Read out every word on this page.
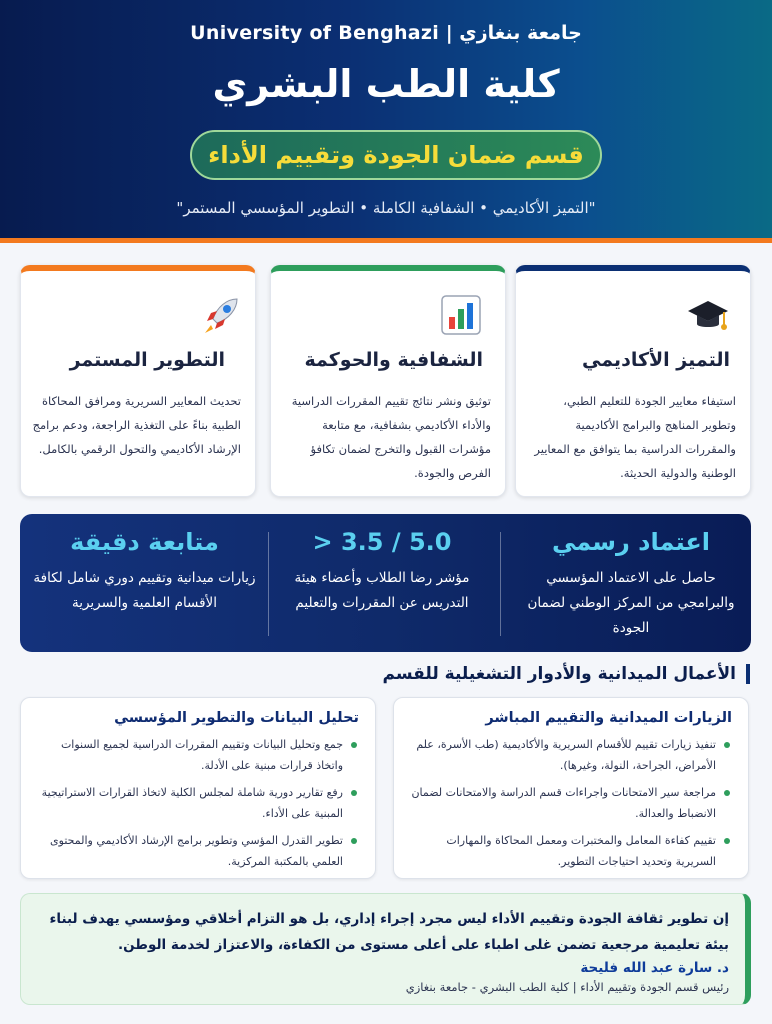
جامعة بنغازي | University of Benghazi
كلية الطب البشري
قسم ضمان الجودة وتقييم الأداء
"التميز الأكاديمي • الشفافية الكاملة • التطوير المؤسسي المستمر"
التميز الأكاديمي

استيفاء معايير الجودة للتعليم الطبي، وتطوير المناهج والبرامج الأكاديمية والمقررات الدراسية بما يتوافق مع المعايير الوطنية والدولية الحديثة.

الشفافية والحوكمة

توثيق ونشر نتائج تقييم المقررات الدراسية والأداء الأكاديمي بشفافية، مع متابعة مؤشرات القبول والتخرج لضمان تكافؤ الفرص والجودة.

التطوير المستمر

تحديث المعايير السريرية ومرافق المحاكاة الطبية بناءً على التغذية الراجعة، ودعم برامج الإرشاد الأكاديمي والتحول الرقمي بالكامل.

اعتماد رسمي
حاصل على الاعتماد المؤسسي والبرامجي من المركز الوطني لضمان الجودة
> 3.5 / 5.0
مؤشر رضا الطلاب وأعضاء هيئة التدريس عن المقررات والتعليم
متابعة دقيقة
زيارات ميدانية وتقييم دوري شامل لكافة الأقسام العلمية والسريرية
الأعمال الميدانية والأدوار التشغيلية للقسم
الزيارات الميدانية والتقييم المباشر
تنفيذ زيارات تقييم للأقسام السريرية والأكاديمية (طب الأسرة، علم الأمراض، الجراحة، النولة، وغيرها).
مراجعة سير الامتحانات واجراءات قسم الدراسة والامتحانات لضمان الانضباط والعدالة.
تقييم كفاءة المعامل والمختبرات ومعمل المحاكاة والمهارات السريرية وتحديد احتياجات التطوير.
تحليل البيانات والتطوير المؤسسي
جمع وتحليل البيانات وتقييم المقررات الدراسية لجميع السنوات واتخاذ قرارات مبنية على الأدلة.
رفع تقارير دورية شاملة لمجلس الكلية لاتخاذ القرارات الاستراتيجية المبنية على الأداء.
تطوير القدرل المؤسي وتطوير برامج الإرشاد الأكاديمي والمحتوى العلمي بالمكتبة المركزية.
إن تطوير ثقافة الجودة وتقييم الأداء ليس مجرد إجراء إداري، بل هو التزام أخلاقي ومؤسسي يهدف لبناء بيئة تعليمية مرجعية تضمن غلى اطباء على أعلى مستوى من الكفاءة، والاعتزاز لخدمة الوطن.
د. سارة عبد الله فليحة
رئيس قسم الجودة وتقييم الأداء | كلية الطب البشري - جامعة بنغازي
